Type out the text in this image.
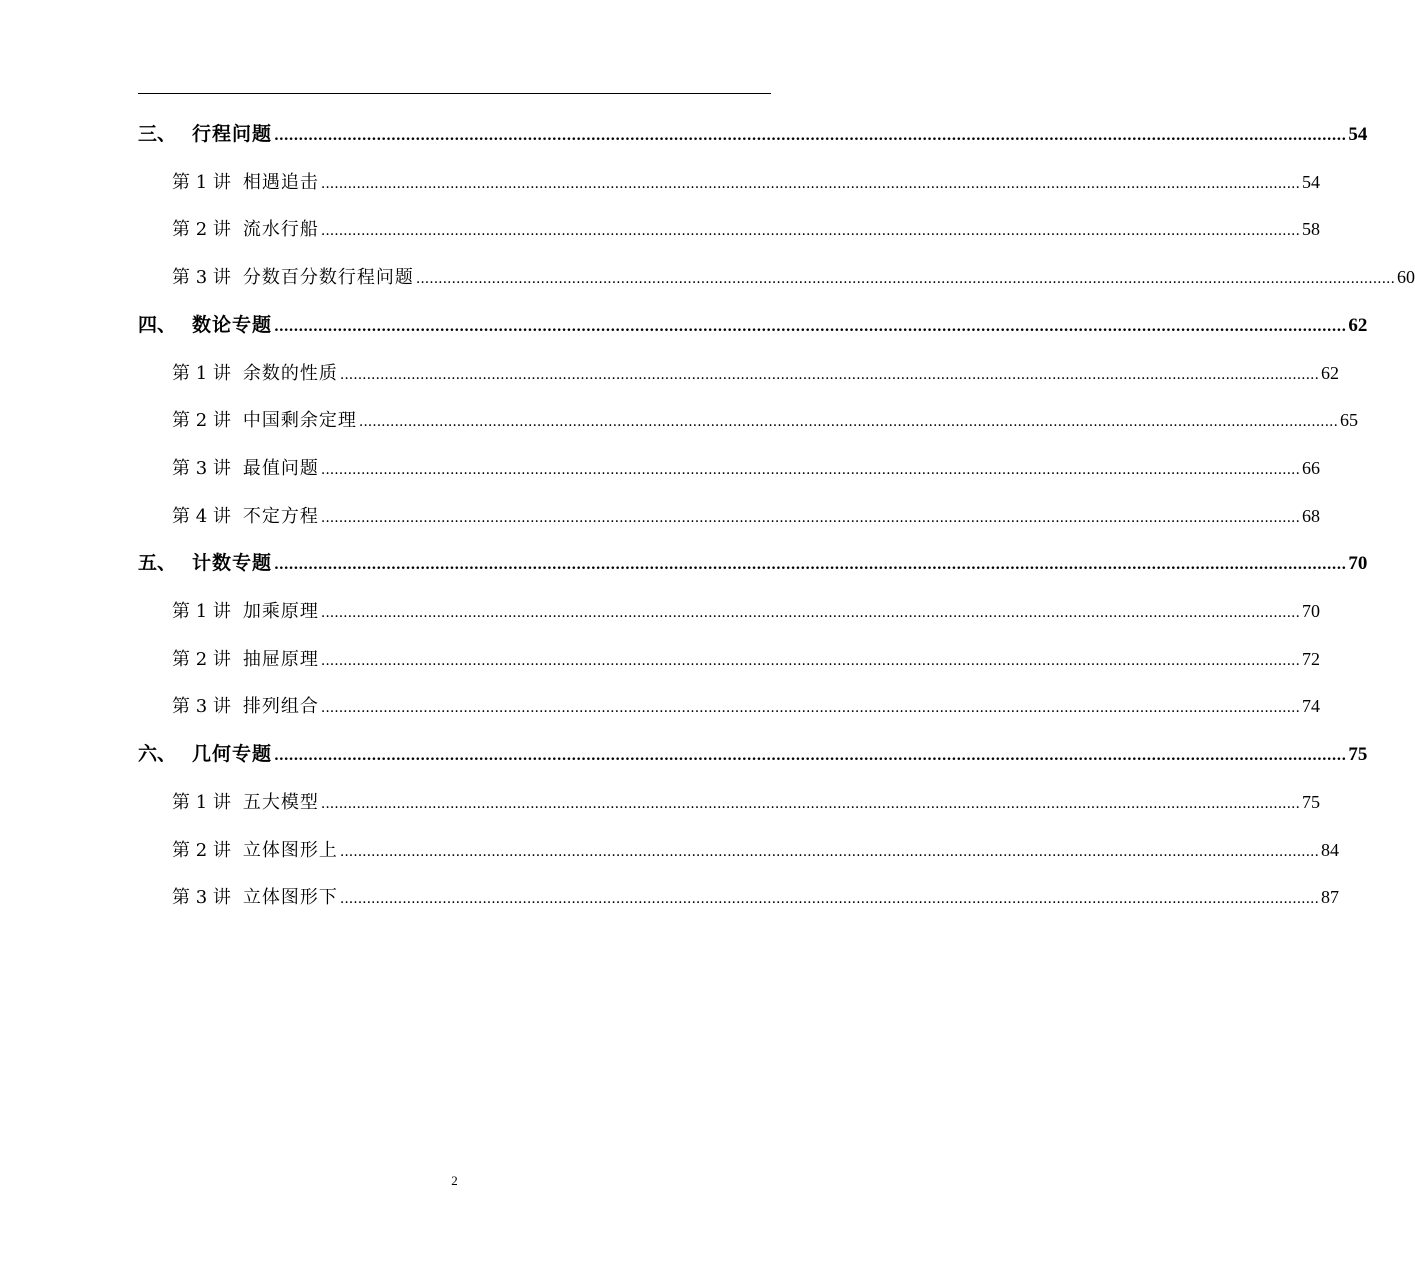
三、 行程问题 ............................................................................................................................................................................................................................ 54
第 1 讲 相遇追击 ............................................................................................................................................................................................................................ 54
第 2 讲 流水行船 ............................................................................................................................................................................................................................ 58
第 3 讲 分数百分数行程问题 ............................................................................................................................................................................................................................ 60
四、 数论专题 ............................................................................................................................................................................................................................ 62
第 1 讲 余数的性质 ............................................................................................................................................................................................................................ 62
第 2 讲 中国剩余定理 ............................................................................................................................................................................................................................ 65
第 3 讲 最值问题 ............................................................................................................................................................................................................................ 66
第 4 讲 不定方程 ............................................................................................................................................................................................................................ 68
五、 计数专题 ............................................................................................................................................................................................................................ 70
第 1 讲 加乘原理 ............................................................................................................................................................................................................................ 70
第 2 讲 抽屉原理 ............................................................................................................................................................................................................................ 72
第 3 讲 排列组合 ............................................................................................................................................................................................................................ 74
六、 几何专题 ............................................................................................................................................................................................................................ 75
第 1 讲 五大模型 ............................................................................................................................................................................................................................ 75
第 2 讲 立体图形上 ............................................................................................................................................................................................................................ 84
第 3 讲 立体图形下 ............................................................................................................................................................................................................................ 87
2
